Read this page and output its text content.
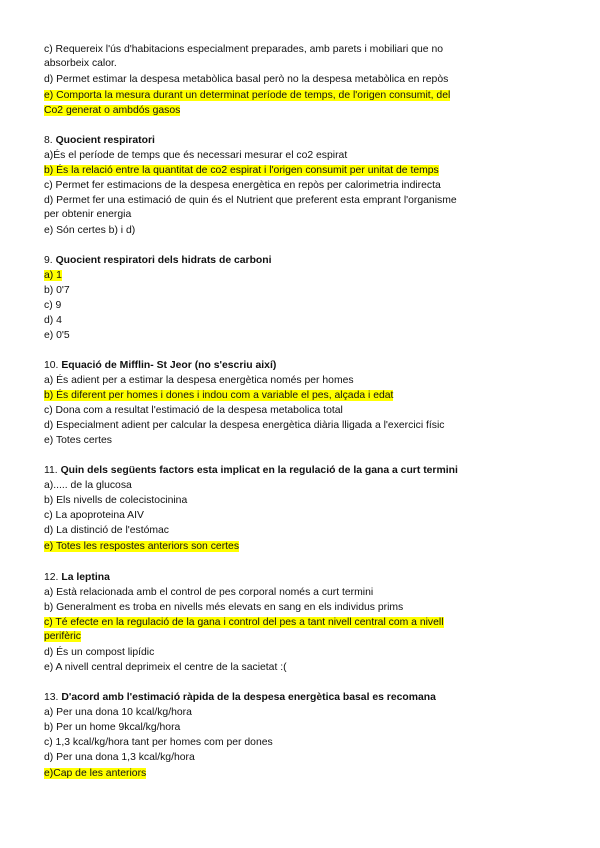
c) Requereix l'ús d'habitacions especialment preparades, amb parets i mobiliari que no
absorbeix calor.
d) Permet estimar la despesa metabòlica basal però no la despesa metabòlica en repòs
e) Comporta la mesura durant un determinat període de temps, de l'origen consumit, del
Co2 generat o ambdós gasos
8. Quocient respiratori
a)És el període de temps que és necessari mesurar el co2 espirat
b) És la relació entre la quantitat de co2 espirat i l'origen consumit per unitat de temps
c) Permet fer estimacions de la despesa energètica en repòs per calorimetria indirecta
d) Permet fer una estimació de quin és el Nutrient que preferent esta emprant l'organisme
per obtenir energia
e) Són certes b) i d)
9. Quocient respiratori dels hidrats de carboni
a) 1
b) 0'7
c) 9
d) 4
e) 0'5
10. Equació de Mifflin- St Jeor (no s'escriu així)
a) És adient per a estimar la despesa energètica només per homes
b) És diferent per homes i dones i indou com a variable el pes, alçada i edat
c) Dona com a resultat l'estimació de la despesa metabolica total
d) Especialment adient per calcular la despesa energètica diària lligada a l'exercici físic
e) Totes certes
11. Quin dels següents factors esta implicat en la regulació de la gana a curt termini
a)..... de la glucosa
b) Els nivells de colecistocinina
c) La apoproteina AIV
d) La distinció de l'estómac
e) Totes les respostes anteriors son certes
12. La leptina
a) Està relacionada amb el control de pes corporal només a curt termini
b) Generalment es troba en nivells més elevats en sang en els individus prims
c) Té efecte en la regulació de la gana i control del pes a tant nivell central com a nivell
perifèric
d) És un compost lipídic
e) A nivell central deprimeix el centre de la sacietat :(
13. D'acord amb l'estimació ràpida de la despesa energètica basal es recomana
a) Per una dona 10 kcal/kg/hora
b) Per un home 9kcal/kg/hora
c) 1,3 kcal/kg/hora tant per homes com per dones
d) Per una dona 1,3 kcal/kg/hora
e)Cap de les anteriors
